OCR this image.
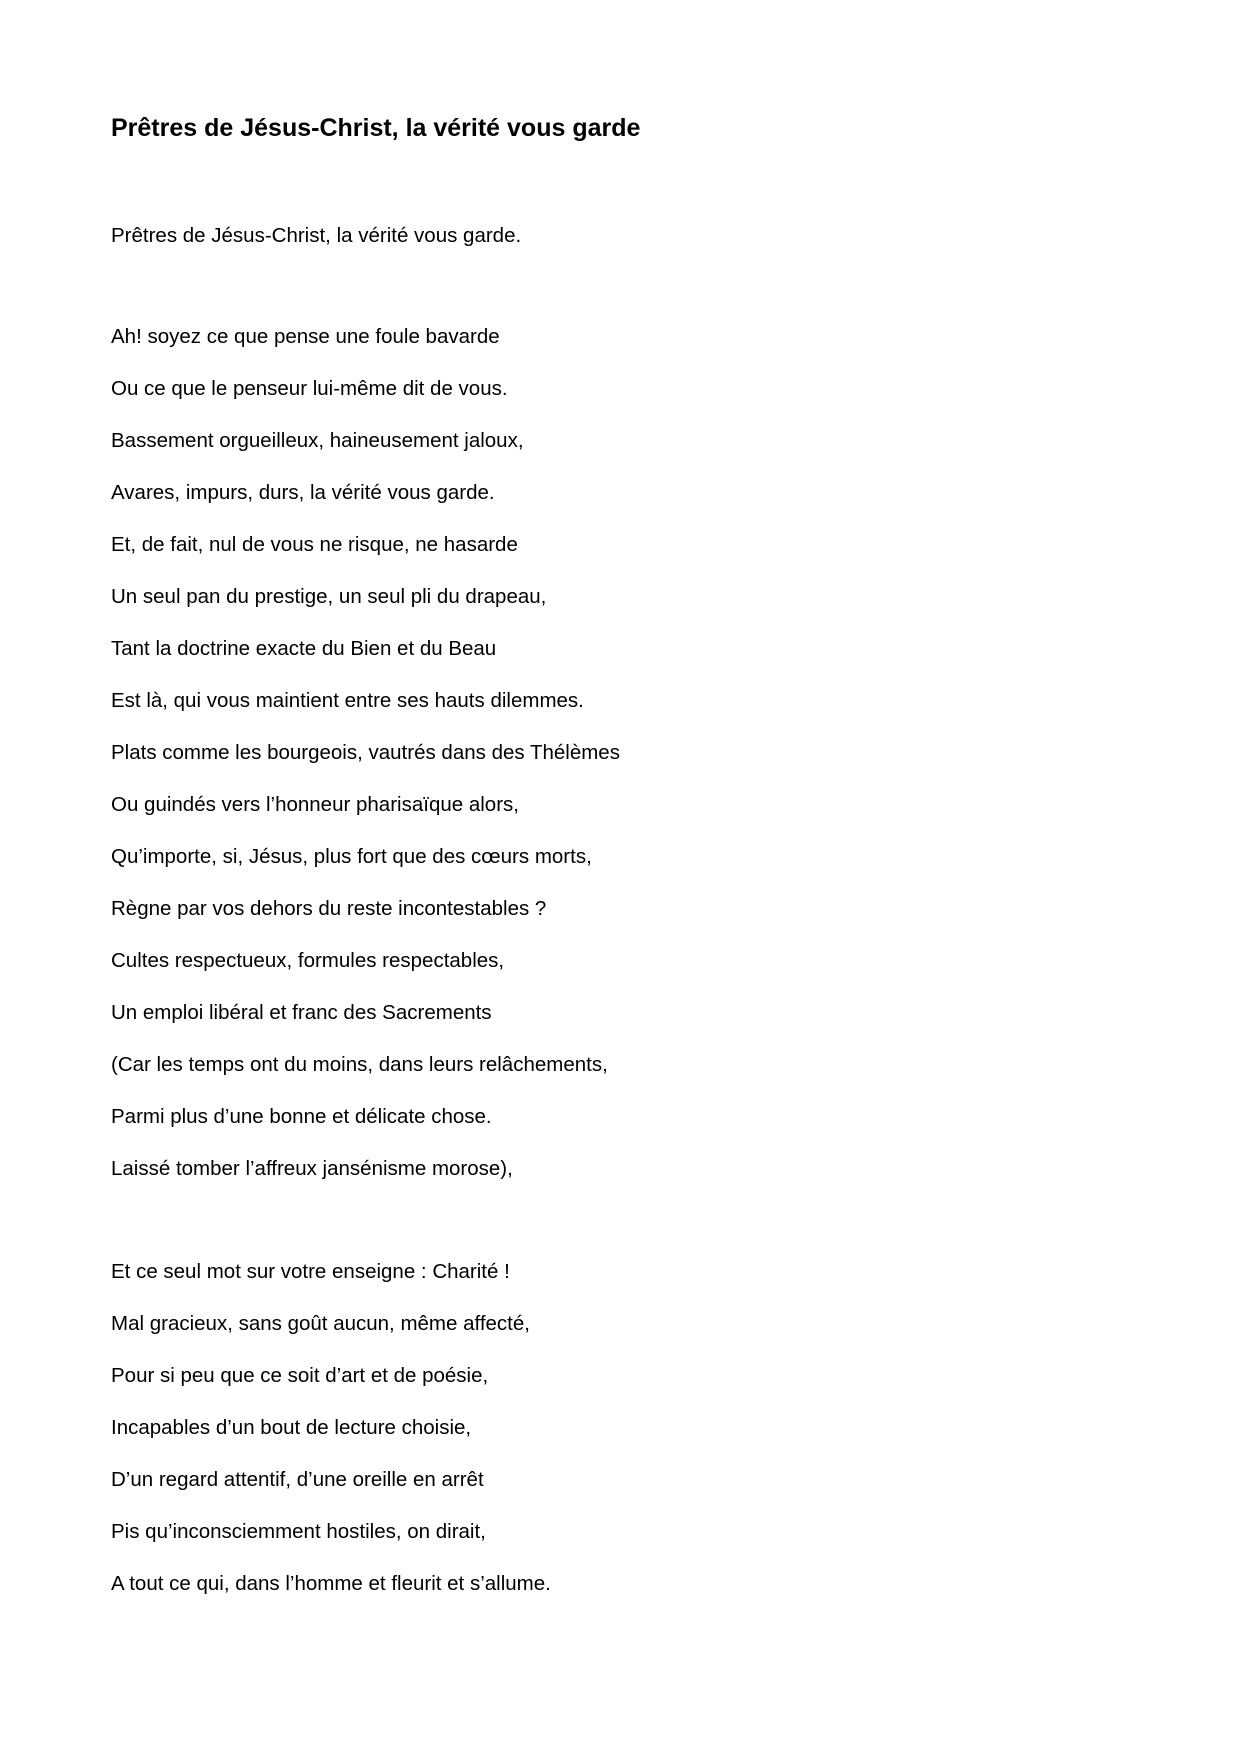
Prêtres de Jésus-Christ, la vérité vous garde

Prêtres de Jésus-Christ, la vérité vous garde.

Ah! soyez ce que pense une foule bavarde

Ou ce que le penseur lui-même dit de vous.

Bassement orgueilleux, haineusement jaloux,

Avares, impurs, durs, la vérité vous garde.

Et, de fait, nul de vous ne risque, ne hasarde

Un seul pan du prestige, un seul pli du drapeau,

Tant la doctrine exacte du Bien et du Beau

Est là, qui vous maintient entre ses hauts dilemmes.

Plats comme les bourgeois, vautrés dans des Thélèmes

Ou guindés vers l’honneur pharisaïque alors,

Qu’importe, si, Jésus, plus fort que des cœurs morts,

Règne par vos dehors du reste incontestables ?

Cultes respectueux, formules respectables,

Un emploi libéral et franc des Sacrements

(Car les temps ont du moins, dans leurs relâchements,

Parmi plus d’une bonne et délicate chose.

Laissé tomber l’affreux jansénisme morose),

Et ce seul mot sur votre enseigne : Charité !

Mal gracieux, sans goût aucun, même affecté,

Pour si peu que ce soit d’art et de poésie,

Incapables d’un bout de lecture choisie,

D’un regard attentif, d’une oreille en arrêt

Pis qu’inconsciemment hostiles, on dirait,

A tout ce qui, dans l’homme et fleurit et s’allume.
